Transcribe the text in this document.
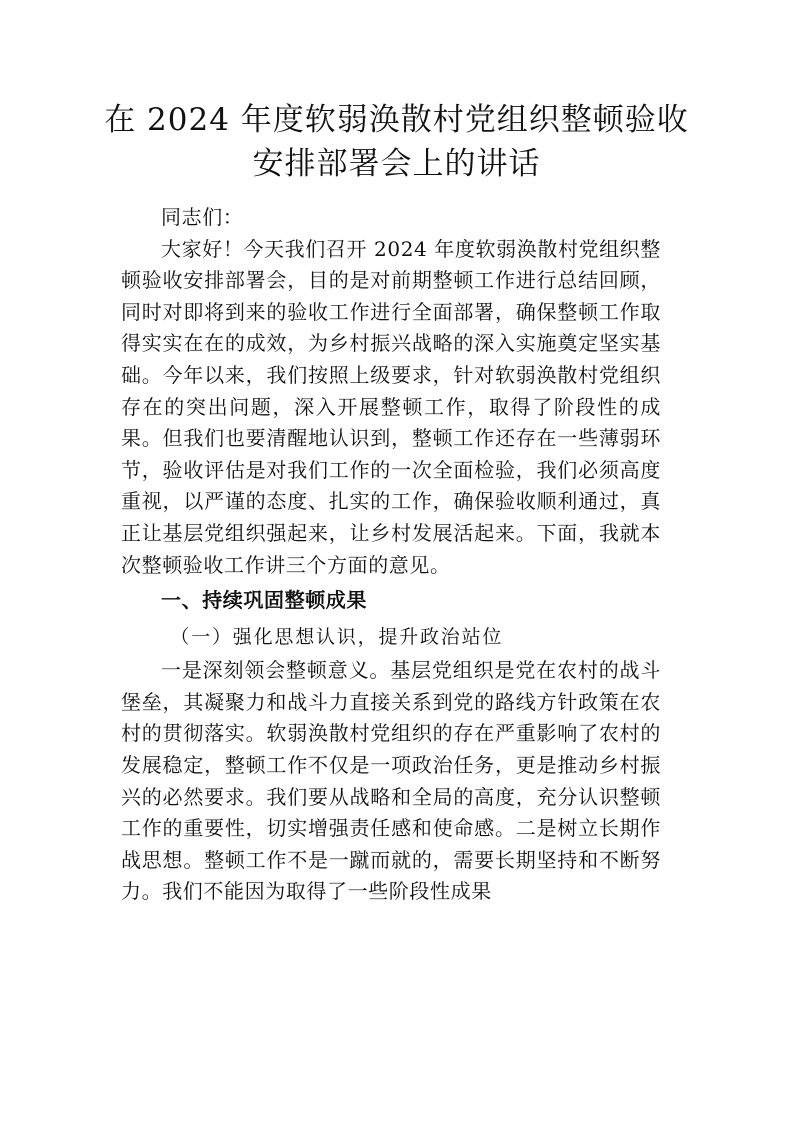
在 2024 年度软弱涣散村党组织整顿验收
安排部署会上的讲话

同志们：

大家好！今天我们召开 2024 年度软弱涣散村党组织整顿验收安排部署会，目的是对前期整顿工作进行总结回顾，同时对即将到来的验收工作进行全面部署，确保整顿工作取得实实在在的成效，为乡村振兴战略的深入实施奠定坚实基础。今年以来，我们按照上级要求，针对软弱涣散村党组织存在的突出问题，深入开展整顿工作，取得了阶段性的成果。但我们也要清醒地认识到，整顿工作还存在一些薄弱环节，验收评估是对我们工作的一次全面检验，我们必须高度重视，以严谨的态度、扎实的工作，确保验收顺利通过，真正让基层党组织强起来，让乡村发展活起来。下面，我就本次整顿验收工作讲三个方面的意见。

一、持续巩固整顿成果
（一）强化思想认识，提升政治站位

一是深刻领会整顿意义。基层党组织是党在农村的战斗堡垒，其凝聚力和战斗力直接关系到党的路线方针政策在农村的贯彻落实。软弱涣散村党组织的存在严重影响了农村的发展稳定，整顿工作不仅是一项政治任务，更是推动乡村振兴的必然要求。我们要从战略和全局的高度，充分认识整顿工作的重要性，切实增强责任感和使命感。二是树立长期作战思想。整顿工作不是一蹴而就的，需要长期坚持和不断努力。我们不能因为取得了一些阶段性成果
